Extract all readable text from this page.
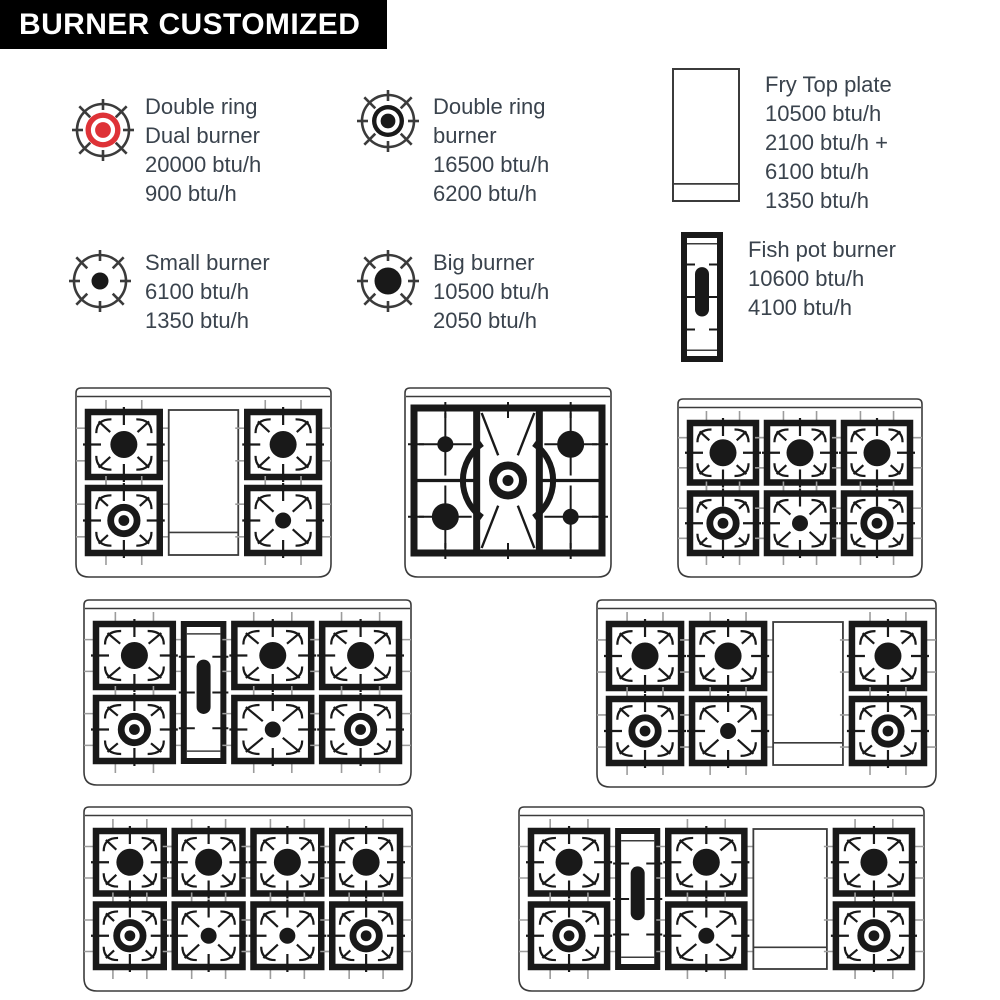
BURNER CUSTOMIZED
Double ring
Dual burner
20000 btu/h
900 btu/h
Double ring
burner
16500 btu/h
6200 btu/h
Fry Top plate
10500 btu/h
2100 btu/h +
6100 btu/h
1350 btu/h
Small burner
6100 btu/h
1350 btu/h
Big burner
10500 btu/h
2050 btu/h
Fish pot burner
10600 btu/h
4100 btu/h
